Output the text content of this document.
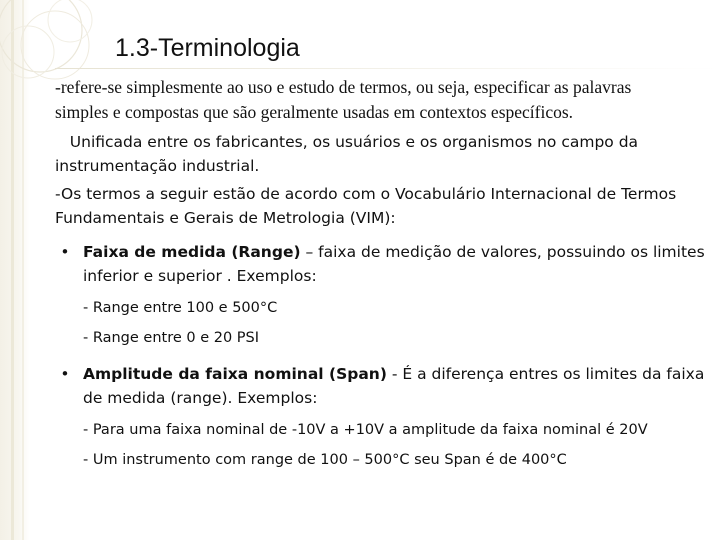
1.3-Terminologia

-refere-se simplesmente ao uso e estudo de termos, ou seja, especificar as palavras

simples e compostas que são geralmente usadas em contextos específicos.

Unificada entre os fabricantes, os usuários e os organismos no campo da

instrumentação industrial.

-Os termos a seguir estão de acordo com o Vocabulário Internacional de Termos

Fundamentais e Gerais de Metrologia (VIM):

• Faixa de medida (Range) – faixa de medição de valores, possuindo os limites
inferior e superior . Exemplos:
- Range entre 100 e 500°C
- Range entre 0 e 20 PSI
• Amplitude da faixa nominal (Span) - É a diferença entres os limites da faixa
de medida (range). Exemplos:
- Para uma faixa nominal de -10V a +10V a amplitude da faixa nominal é 20V
- Um instrumento com range de 100 – 500°C seu Span é de 400°C
